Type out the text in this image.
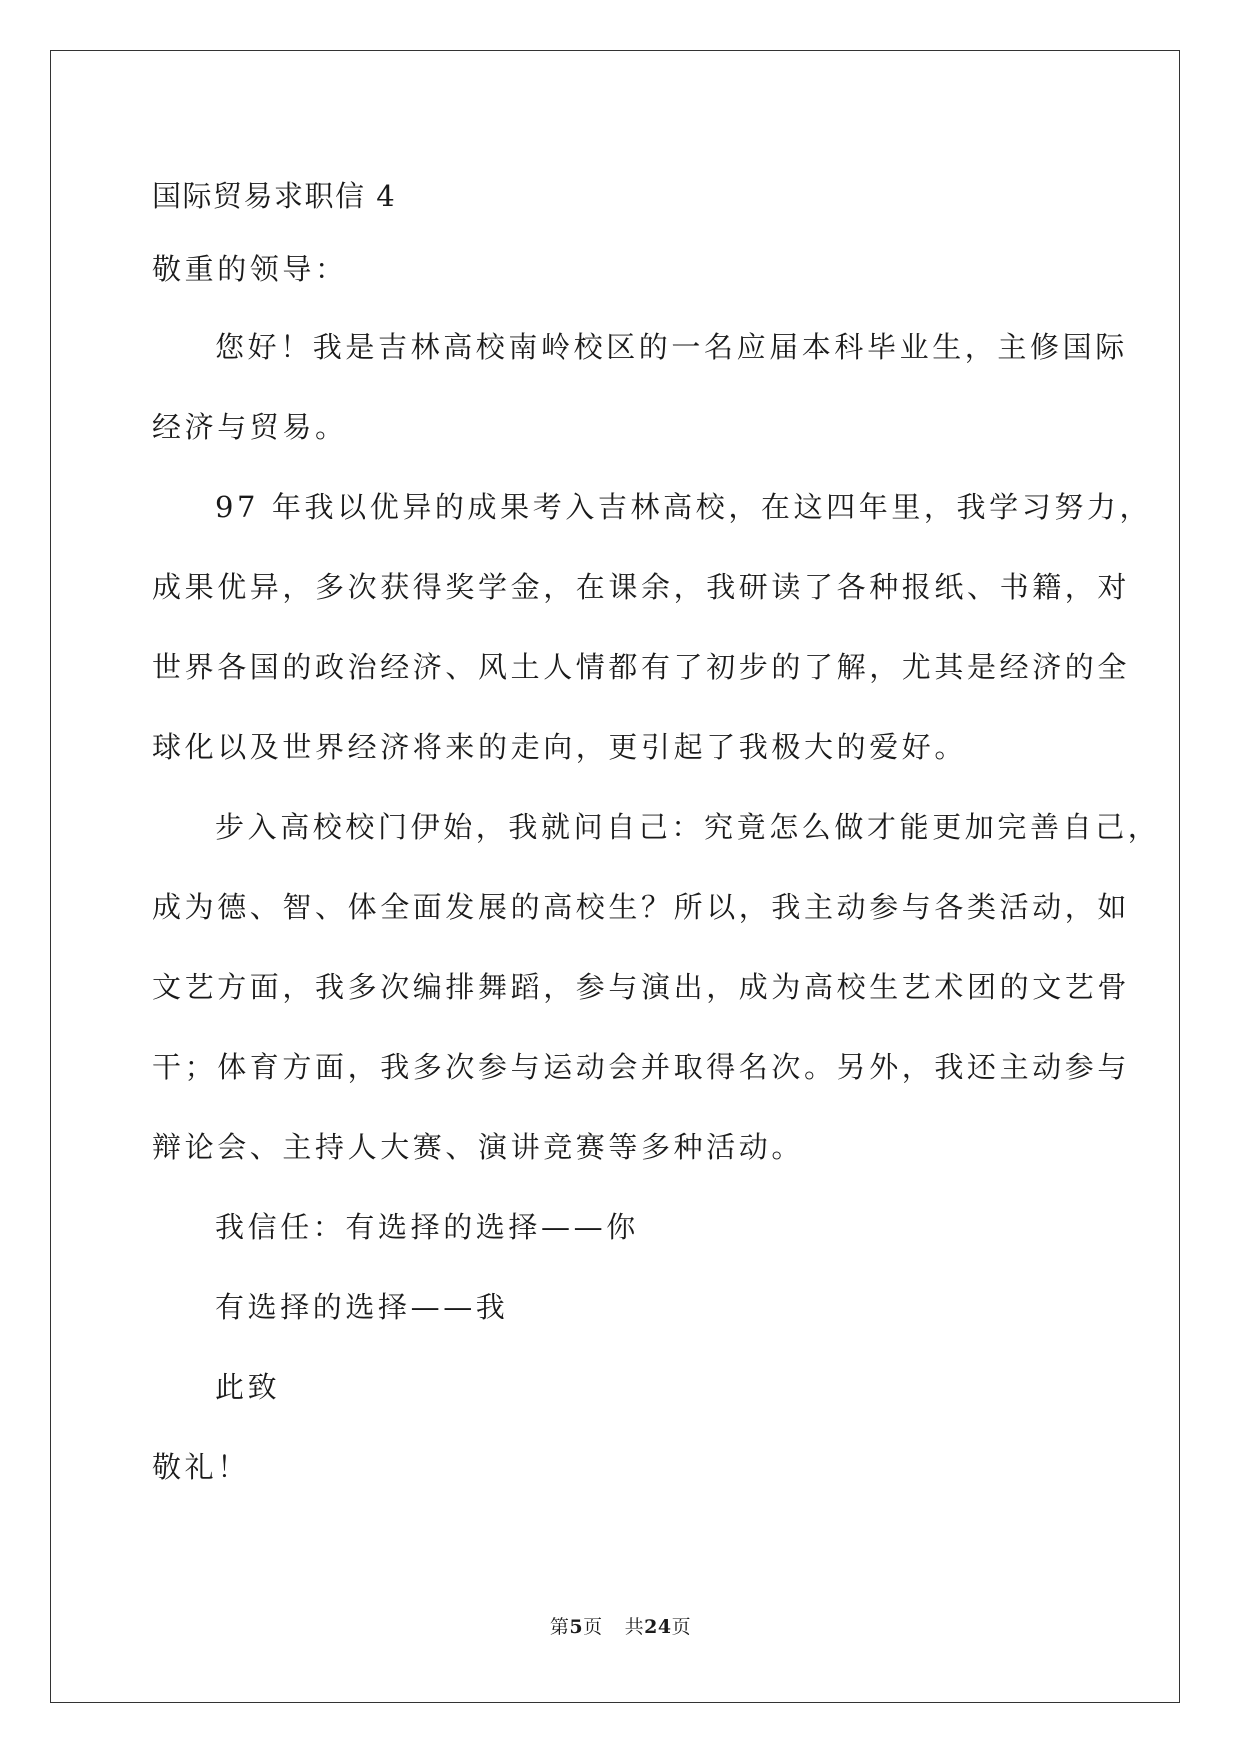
国际贸易求职信 4
敬重的领导：
您好！我是吉林高校南岭校区的一名应届本科毕业生，主修国际
经济与贸易。
97 年我以优异的成果考入吉林高校，在这四年里，我学习努力，
成果优异，多次获得奖学金，在课余，我研读了各种报纸、书籍，对
世界各国的政治经济、风土人情都有了初步的了解，尤其是经济的全
球化以及世界经济将来的走向，更引起了我极大的爱好。
步入高校校门伊始，我就问自己：究竟怎么做才能更加完善自己，
成为德、智、体全面发展的高校生？所以，我主动参与各类活动，如
文艺方面，我多次编排舞蹈，参与演出，成为高校生艺术团的文艺骨
干；体育方面，我多次参与运动会并取得名次。另外，我还主动参与
辩论会、主持人大赛、演讲竞赛等多种活动。
我信任：有选择的选择——你
有选择的选择——我
此致
敬礼！
第5页 共24页
